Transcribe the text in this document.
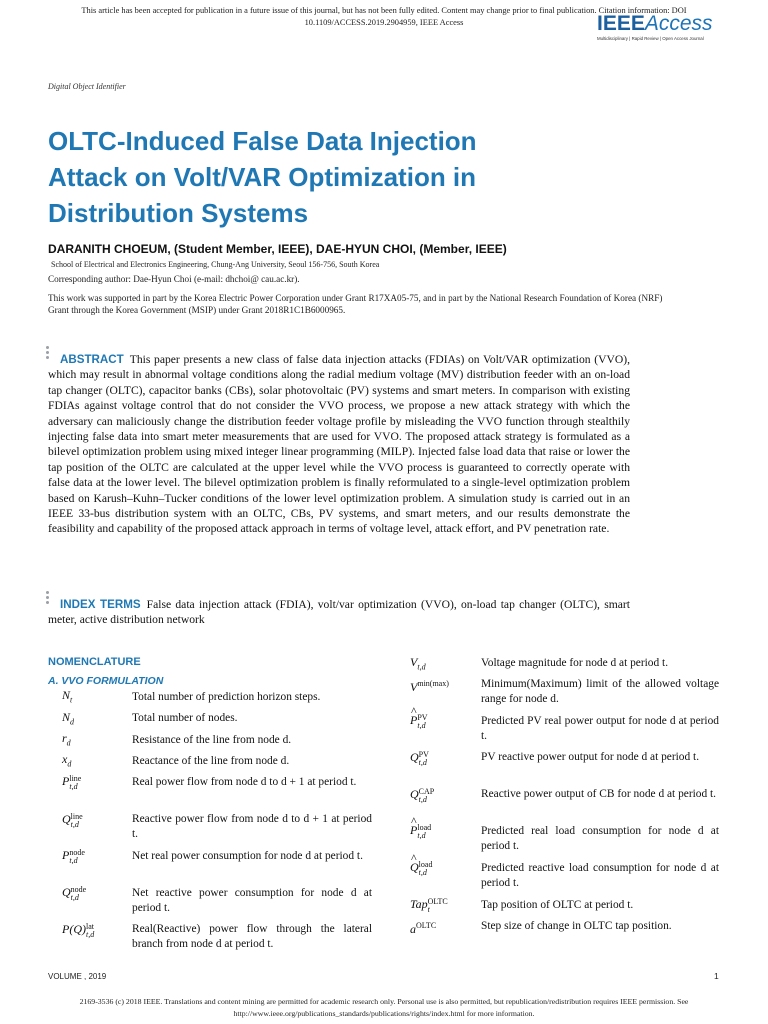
This article has been accepted for publication in a future issue of this journal, but has not been fully edited. Content may change prior to final publication. Citation information: DOI
10.1109/ACCESS.2019.2904959, IEEE Access	IEEEAccess
Multidisciplinary | Rapid Review | Open Access Journal
Digital Object Identifier
OLTC-Induced False Data Injection
Attack on Volt/VAR Optimization in
Distribution Systems
DARANITH CHOEUM, (Student Member, IEEE), DAE-HYUN CHOI, (Member, IEEE)
School of Electrical and Electronics Engineering, Chung-Ang University, Seoul 156-756, South Korea
Corresponding author: Dae-Hyun Choi (e-mail: dhchoi@ cau.ac.kr).
This work was supported in part by the Korea Electric Power Corporation under Grant R17XA05-75, and in part by the National Research Foundation of Korea (NRF) Grant through the Korea Government (MSIP) under Grant 2018R1C1B6000965.
ABSTRACT This paper presents a new class of false data injection attacks (FDIAs) on Volt/VAR optimization (VVO), which may result in abnormal voltage conditions along the radial medium voltage (MV) distribution feeder with an on-load tap changer (OLTC), capacitor banks (CBs), solar photovoltaic (PV) systems and smart meters. In comparison with existing FDIAs against voltage control that do not consider the VVO process, we propose a new attack strategy with which the adversary can maliciously change the distribution feeder voltage profile by misleading the VVO function through stealthily injecting false data into smart meter measurements that are used for VVO. The proposed attack strategy is formulated as a bilevel optimization problem using mixed integer linear programming (MILP). Injected false load data that raise or lower the tap position of the OLTC are calculated at the upper level while the VVO process is guaranteed to correctly operate with false data at the lower level. The bilevel optimization problem is finally reformulated to a single-level optimization problem based on Karush–Kuhn–Tucker conditions of the lower level optimization problem. A simulation study is carried out in an IEEE 33-bus distribution system with an OLTC, CBs, PV systems, and smart meters, and our results demonstrate the feasibility and capability of the proposed attack approach in terms of voltage level, attack effort, and PV penetration rate.
INDEX TERMS False data injection attack (FDIA), volt/var optimization (VVO), on-load tap changer (OLTC), smart meter, active distribution network
NOMENCLATURE
A. VVO FORMULATION
$N_t$	Total number of prediction horizon steps.
$N_d$	Total number of nodes.
$r_d$	Resistance of the line from node d.
$x_d$	Reactance of the line from node d.
P line
t,d	Real power flow from node d to d + 1 at period t.
Q line
t,d	Reactive power flow from node d to d + 1 at period t.
P node
t,d	Net real power consumption for node d at period t.
Q node
t,d	Net reactive power consumption for node d at period t.
P(Q) lat
t,d	Real(Reactive) power flow through the lateral branch from node d at period t.
$V_{t,d}$	Voltage magnitude for node d at period t.
$V^{min(max)}$	Minimum(Maximum) limit of the allowed voltage range for node d.
^ P PV
t,d	Predicted PV real power output for node d at period t.
Q PV
t,d	PV reactive power output for node d at period t.
Q CAP
t,d	Reactive power output of CB for node d at period t.
^ P load
t,d	Predicted real load consumption for node d at period t.
^ Q load
t,d	Predicted reactive load consumption for node d at period t.
Tap OLTC
t	Tap position of OLTC at period t.
$a^{OLTC}$	Step size of change in OLTC tap position.
VOLUME , 2019	1
2169-3536 (c) 2018 IEEE. Translations and content mining are permitted for academic research only. Personal use is also permitted, but republication/redistribution requires IEEE permission. See
http://www.ieee.org/publications_standards/publications/rights/index.html for more information.
